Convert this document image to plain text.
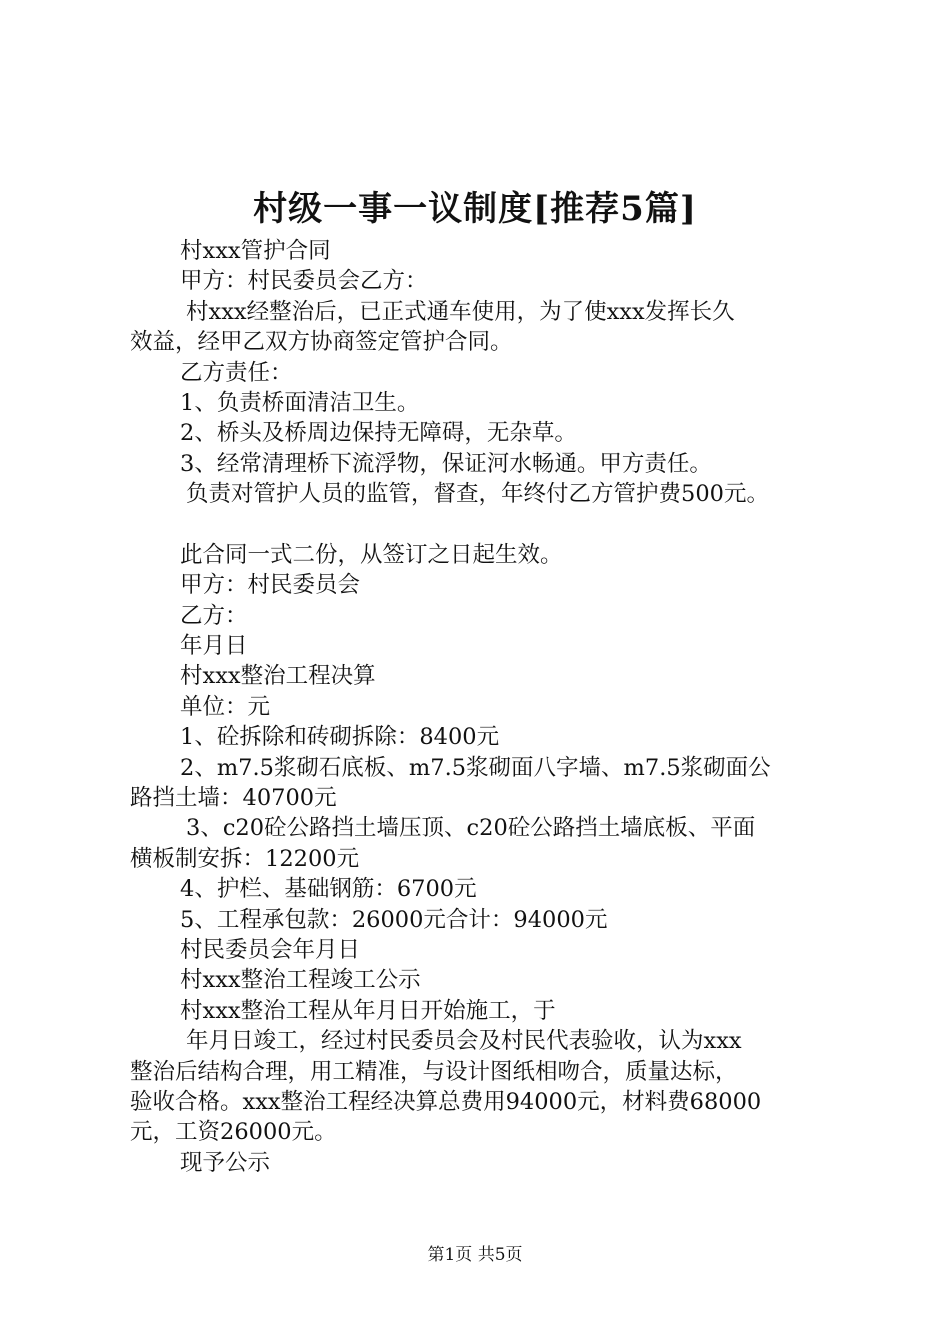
村级一事一议制度[推荐5篇]
村xxx管护合同
甲方：村民委员会乙方：
村xxx经整治后，已正式通车使用，为了使xxx发挥长久
效益，经甲乙双方协商签定管护合同。
乙方责任：
1、负责桥面清洁卫生。
2、桥头及桥周边保持无障碍，无杂草。
3、经常清理桥下流浮物，保证河水畅通。甲方责任。
负责对管护人员的监管，督查，年终付乙方管护费500元。
此合同一式二份，从签订之日起生效。
甲方：村民委员会
乙方：
年月日
村xxx整治工程决算
单位：元
1、砼拆除和砖砌拆除：8400元
2、m7.5浆砌石底板、m7.5浆砌面八字墙、m7.5浆砌面公
路挡土墙：40700元
3、c20砼公路挡土墙压顶、c20砼公路挡土墙底板、平面
横板制安拆：12200元
4、护栏、基础钢筋：6700元
5、工程承包款：26000元合计：94000元
村民委员会年月日
村xxx整治工程竣工公示
村xxx整治工程从年月日开始施工，于
年月日竣工，经过村民委员会及村民代表验收，认为xxx
整治后结构合理，用工精准，与设计图纸相吻合，质量达标，
验收合格。xxx整治工程经决算总费用94000元，材料费68000
元，工资26000元。
现予公示
第1页 共5页
